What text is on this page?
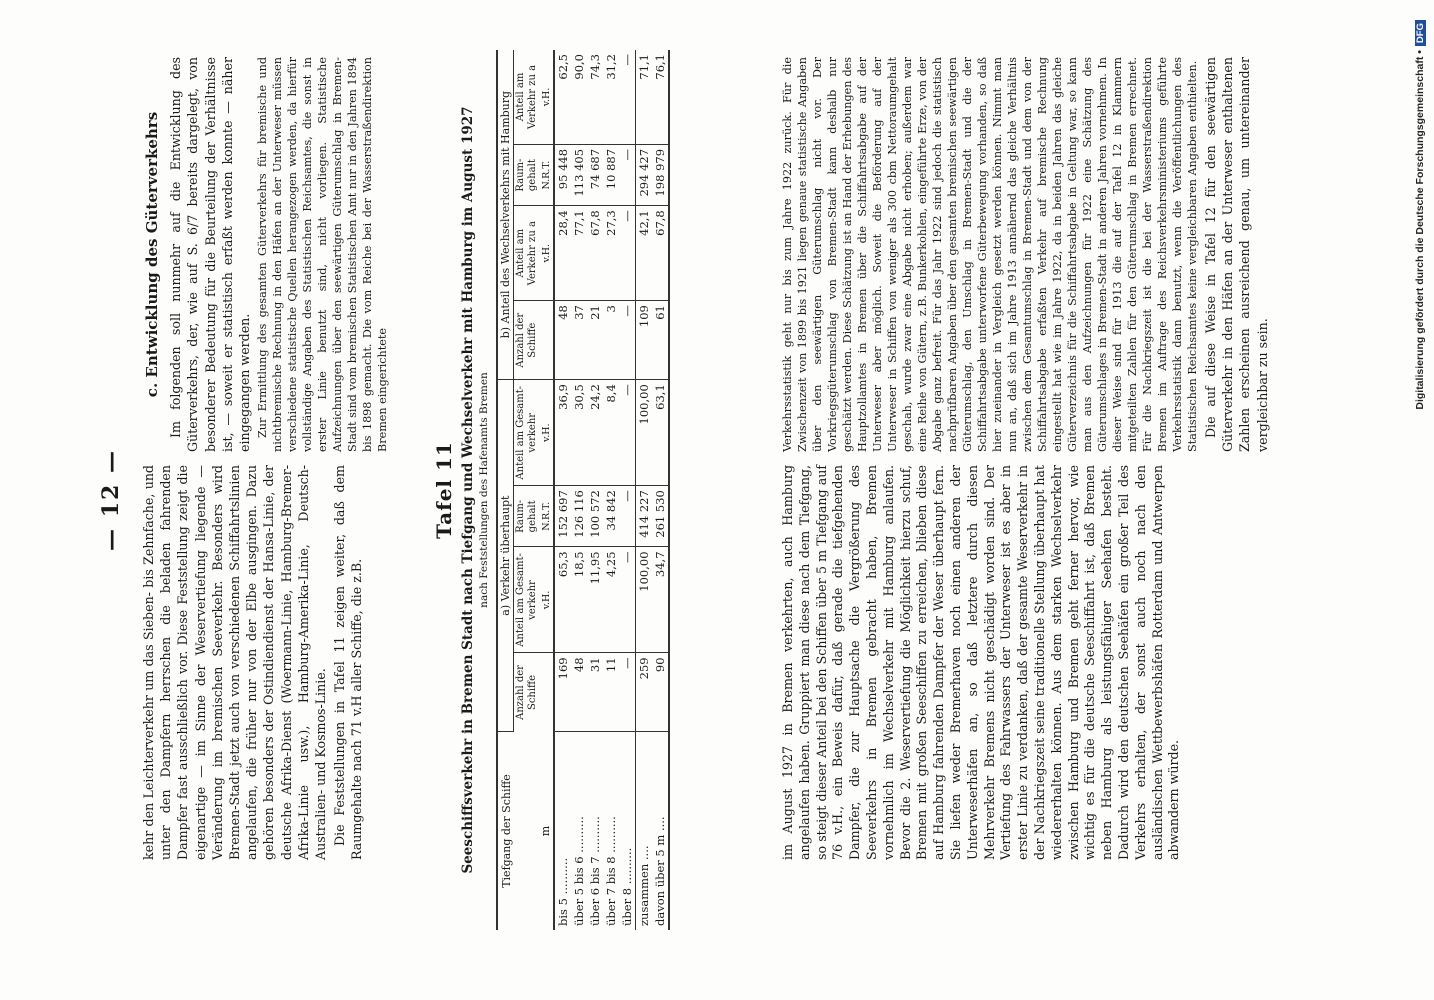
— 12 — kehr den Leichterverkehr um das Sieben- bis Zehnfache, und unter den Dampfern herrschen die beladen fahrenden Dampfer fast ausschließlich vor. Diese Feststellung zeigt die eigenartige — im Sinne der Weservertiefung liegende — Veränderung im bremischen Seeverkehr. Besonders wird Bremen-Stadt jetzt auch von verschiedenen Schiffahrtslinien angelaufen, die früher nur von der Elbe ausgingen. Dazu gehören besonders der Ostindiendienst der Hansa-Linie, der deutsche Afrika-Dienst (Woermann-Linie, Hamburg-Bremer-Afrika-Linie usw.), Hamburg-Amerika-Linie, Deutsch-Australien- und Kosmos-Linie. Die Feststellungen in Tafel 11 zeigen weiter, daß dem Raumgehalte nach 71 v.H aller Schiffe, die z.B.

c. Entwicklung des Güterverkehrs Im folgenden soll nunmehr auf die Entwicklung des Güterverkehrs, der, wie auf S. 6/7 bereits dargelegt, von besonderer Bedeutung für die Beurteilung der Verhältnisse ist, — soweit er statistisch erfaßt werden konnte — näher eingegangen werden. Zur Ermittlung des gesamten Güterverkehrs für bremische und nichtbremische Rechnung in den Häfen an der Unterweser müssen verschiedene statistische Quellen herangezogen werden, da hierfür vollständige Angaben des Statistischen Reichsamtes, die sonst in erster Linie benutzt sind, nicht vorliegen. Statistische Aufzeichnungen über den seewärtigen Güterumschlag in Bremen-Stadt sind vom bremischen Statistischen Amt nur in den Jahren 1894 bis 1898 gemacht. Die vom Reiche bei der Wasserstraßendirektion Bremen eingerichtete

Tafel 11 Seeschiffsverkehr in Bremen Stadt nach Tiefgang und Wechselverkehr mit Hamburg im August 1927 nach Feststellungen des Hafenamts Bremen
Tiefgang der Schiffe m	a) Verkehr überhaupt				b) Anteil des Wechselverkehrs mit Hamburg			
	Anzahl der Schiffe	Anteil am Gesamt-verkehr	Raum-gehalt	Anteil am Gesamt-verkehr	Anzahl der Schiffe	Anteil am Verkehr zu a	Raum-gehalt	Anteil am Verkehr zu a
		v.H.	N.R.T.	v.H.		v.H.	N.R.T.	v.H.
bis 5 ..........	169	65,3	152 697	36,9	48	28,4	95 448	62,5
über 5 bis 6 ..........	48	18,5	126 116	30,5	37	77,1	113 405	90,0
über 6 bis 7 ..........	31	11,95	100 572	24,2	21	67,8	74 687	74,3
über 7 bis 8 ..........	11	4,25	34 842	8,4	3	27,3	10 887	31,2
über 8 ..........	—	—	—	—	—	—	—	—
zusammen ....	259	100,00	414 227	100,00	109	42,1	294 427	71,1
davon über 5 m ....	90	34,7	261 530	63,1	61	67,8	198 979	76,1

im August 1927 in Bremen verkehrten, auch Hamburg angelaufen haben. Gruppiert man diese nach dem Tiefgang, so steigt dieser Anteil bei den Schiffen über 5 m Tiefgang auf 76 v.H., ein Beweis dafür, daß gerade die tiefgehenden Dampfer, die zur Hauptsache die Vergrößerung des Seeverkehrs in Bremen gebracht haben, Bremen vornehmlich im Wechselverkehr mit Hamburg anlaufen. Bevor die 2. Weservertiefung die Möglichkeit hierzu schuf, Bremen mit großen Seeschiffen zu erreichen, blieben diese auf Hamburg fahrenden Dampfer der Weser überhaupt fern. Sie liefen weder Bremerhaven noch einen anderen der Unterweserhäfen an, so daß letztere durch diesen Mehrverkehr Bremens nicht geschädigt worden sind. Der Vertiefung des Fahrwassers der Unterweser ist es aber in erster Linie zu verdanken, daß der gesamte Weserverkehr in der Nachkriegszeit seine traditionelle Stellung überhaupt hat wiedererhalten können. Aus dem starken Wechselverkehr zwischen Hamburg und Bremen geht ferner hervor, wie wichtig es für die deutsche Seeschiffahrt ist, daß Bremen neben Hamburg als leistungsfähiger Seehafen besteht. Dadurch wird den deutschen Seehäfen ein großer Teil des Verkehrs erhalten, der sonst auch noch nach den ausländischen Wettbewerbshäfen Rotterdam und Antwerpen abwandern würde.

Verkehrsstatistik geht nur bis zum Jahre 1922 zurück. Für die Zwischenzeit von 1899 bis 1921 liegen genaue statistische Angaben über den seewärtigen Güterumschlag nicht vor. Der Vorkriegsgüterumschlag von Bremen-Stadt kann deshalb nur geschätzt werden. Diese Schätzung ist an Hand der Erhebungen des Hauptzollamtes in Bremen über die Schiffahrtsabgabe auf der Unterweser aber möglich. Soweit die Beförderung auf der Unterweser in Schiffen von weniger als 300 cbm Nettoraumgehalt geschah, wurde zwar eine Abgabe nicht erhoben; außerdem war eine Reihe von Gütern, z.B. Bunkerkohlen, eingeführte Erze, von der Abgabe ganz befreit. Für das Jahr 1922 sind jedoch die statistisch nachprüfbaren Angaben über den gesamten bremischen seewärtigen Güterumschlag, den Umschlag in Bremen-Stadt und die der Schiffahrtsabgabe unterworfene Güterbewegung vorhanden, so daß hier zueinander in Vergleich gesetzt werden können. Nimmt man nun an, daß sich im Jahre 1913 annähernd das gleiche Verhältnis zwischen dem Gesamtumschlag in Bremen-Stadt und dem von der Schiffahrtsabgabe erfaßten Verkehr auf bremische Rechnung eingestellt hat wie im Jahre 1922, da in beiden Jahren das gleiche Güterverzeichnis für die Schiffahrtsabgabe in Geltung war, so kann man aus den Aufzeichnungen für 1922 eine Schätzung des Güterumschlages in Bremen-Stadt in anderen Jahren vornehmen. In dieser Weise sind für 1913 die auf der Tafel 12 in Klammern mitgeteilten Zahlen für den Güterumschlag in Bremen errechnet. Für die Nachkriegszeit ist die bei der Wasserstraßendirektion Bremen im Auftrage des Reichsverkehrsministeriums geführte Verkehrsstatistik dann benutzt, wenn die Veröffentlichungen des Statistischen Reichsamtes keine vergleichbaren Angaben enthielten. Die auf diese Weise in Tafel 12 für den seewärtigen Güterverkehr in den Häfen an der Unterweser enthaltenen Zahlen erscheinen ausreichend genau, um untereinander vergleichbar zu sein.	Digitalisierung gefördert durch die Deutsche Forschungsgemeinschaft •DFG
